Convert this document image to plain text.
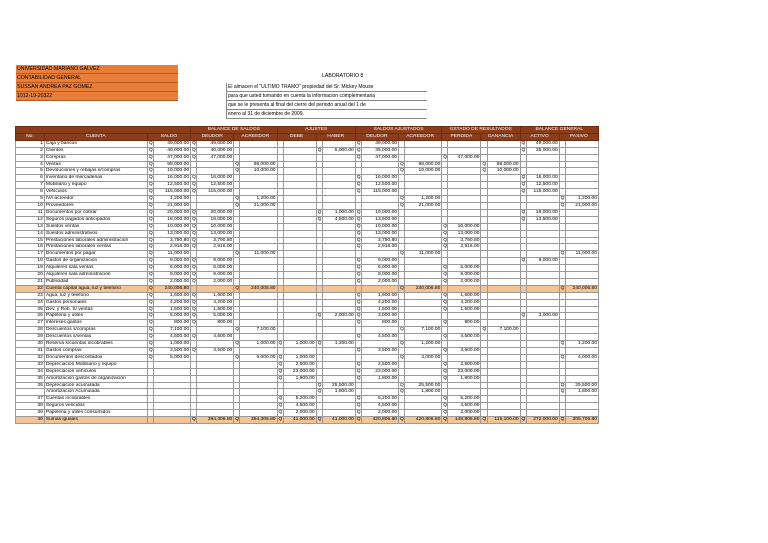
UNIVERSIDAD MARIANO GALVEZ
CONTABILIDAD GENERAL
SUSSAN ANDREA PAZ GOMEZ
1012-19-20322
LABORATORIO 8
El almacen el "ULTIMO TRAMO" propiedad del Sr. Mickey Mouse
para que usted tomando en cuenta la informacion complementaria
que se le presenta al final del cierre del periodo anual del 1 de
enero al 31 de diciembre de 2009.
				BALANCE DE SALDOS				AJUSTES				SALDOS AJUSTADOS				ESTADO DE RESULTADOS				BALANCE GENERAL			
No.	CUENTA	SALDO		DEUDOR		ACREEDOR		DEBE		HABER		DEUDOR		ACREEDOR		PERDIDA		GANANCIA		ACTIVO		PASIVO	
1	Caja y bancos	Q	49,000.00	Q	49,000.00							Q	49,000.00							Q	49,000.00		
2	Clientes	Q	40,000.00	Q	40,000.00					Q	5,000.00	Q	35,000.00							Q	35,000.00		
3	Compras	Q	47,000.00	Q	47,000.00							Q	47,000.00			Q	47,000.00						
4	Ventas	Q	98,000.00			Q	98,000.00							Q	98,000.00			Q	98,000.00				
5	Devoluciones y rebajas s/compras	Q	10,000.00			Q	10,000.00							Q	10,000.00			Q	10,000.00				
6	Inventario de mercaderias	Q	16,000.00	Q	16,000.00							Q	16,000.00							Q	16,000.00		
7	Mobiliario y equipo	Q	12,500.00	Q	12,500.00							Q	12,500.00							Q	12,500.00		
8	Vehiculos	Q	115,000.00	Q	115,000.00							Q	115,000.00							Q	115,000.00		
9	IVA acreedor	Q	1,200.00			Q	1,200.00							Q	1,200.00							Q	1,200.00
10	Proveedores	Q	21,000.00			Q	21,000.00							Q	21,000.00							Q	21,000.00
11	Documentos por cobrar	Q	20,000.00	Q	20,000.00					Q	1,000.00	Q	19,000.00							Q	19,000.00		
12	Seguros pagados anticipados	Q	18,000.00	Q	18,000.00					Q	4,500.00	Q	13,500.00							Q	13,500.00		
13	Sueldos ventas	Q	10,000.00	Q	10,000.00							Q	10,000.00			Q	10,000.00						
14	Sueldos administrativos	Q	13,000.00	Q	13,000.00							Q	13,000.00			Q	13,000.00						
15	Prestaciones laborales administracion	Q	3,790.80	Q	3,790.80							Q	3,790.80			Q	3,790.80						
16	Prestaciones laborales ventas	Q	2,916.00	Q	2,916.00							Q	2,916.00			Q	2,916.00						
17	Documentos por pagar	Q	11,000.00			Q	11,000.00							Q	11,000.00							Q	11,000.00
18	Gastos de organización	Q	9,000.00	Q	9,000.00							Q	9,000.00							Q	9,000.00		
19	Alquileres sala ventas	Q	6,000.00	Q	6,000.00							Q	6,000.00			Q	6,000.00						
20	Alquileres sala administracion	Q	9,000.00	Q	9,000.00							Q	9,000.00			Q	9,000.00						
21	Publicidad	Q	2,000.00	Q	2,000.00							Q	2,000.00			Q	2,000.00						
22	Cuenta capital agua, luz y telefono	Q	240,006.80			Q	240,006.80							Q	240,006.80							Q	240,006.80
23	Agua, luz y telefono	Q	1,600.00	Q	1,600.00							Q	1,600.00			Q	1,600.00						
24	Gastos personales	Q	4,200.00	Q	4,200.00							Q	4,200.00			Q	4,200.00						
25	Dev. y Reb. S/ ventas	Q	1,500.00	Q	1,500.00							Q	1,500.00			Q	1,500.00						
26	Papeleria y utiles	Q	5,000.00	Q	5,000.00					Q	2,000.00	Q	3,000.00							Q	3,000.00		
27	Intereses gastos	Q	800.00	Q	800.00							Q	800.00			Q	800.00						
28	Descuentos s/compras	Q	7,100.00			Q	7,100.00							Q	7,100.00			Q	7,100.00				
29	Descuentos s/ventas	Q	4,500.00	Q	4,500.00							Q	4,500.00			Q	4,500.00						
30	Reserva s/cuentas incobrables	Q	1,000.00			Q	1,000.00	Q	1,000.00	Q	1,200.00			Q	1,200.00							Q	1,200.00
31	Gastos compras	Q	3,500.00	Q	3,500.00							Q	3,500.00			Q	3,500.00						
32	Documentos descontados	Q	5,000.00			Q	5,000.00	Q	1,000.00					Q	4,000.00							Q	4,000.00
33	Depreciacion Mobiliario y equipo							Q	2,500.00			Q	2,500.00			Q	2,500.00						
34	Depreciacion vehiculos							Q	23,000.00			Q	23,000.00			Q	23,000.00						
35	Amortizacion gastos de organización							Q	1,800.00			Q	1,800.00			Q	1,800.00						
36	Depreciacion acumulada									Q	25,500.00			Q	25,500.00							Q	25,500.00
	Amortizacion Acumulada									Q	1,800.00			Q	1,800.00							Q	1,800.00
37	Cuentas incobrables							Q	5,200.00			Q	5,200.00			Q	5,200.00						
38	Seguros vencidos							Q	4,500.00			Q	4,500.00			Q	4,500.00						
39	Papeleria y utiles consumidos							Q	2,000.00			Q	2,000.00			Q	2,000.00						
40	Sumas iguales			Q	394,306.80	Q	394,306.80	Q	41,000.00	Q	41,000.00	Q	420,806.80	Q	420,806.80	Q	148,806.80	Q	115,100.00	Q	272,000.00	Q	305,706.80
